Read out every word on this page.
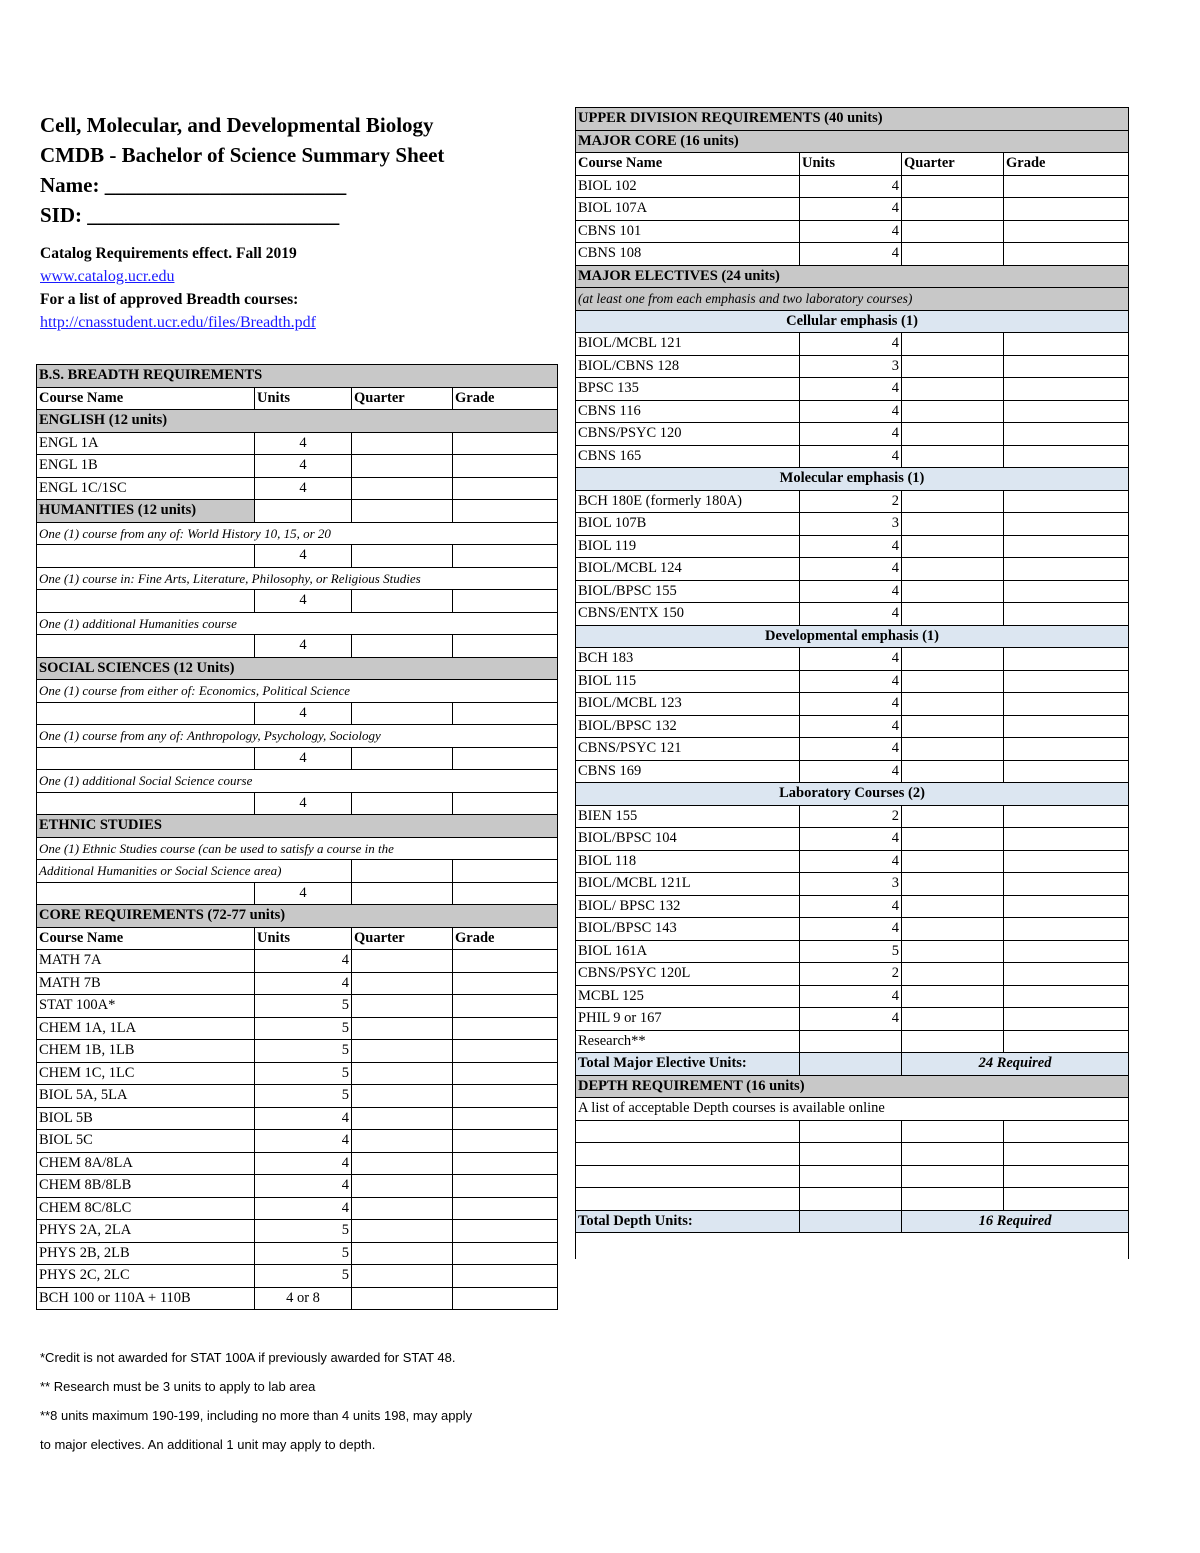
Cell, Molecular, and Developmental Biology
CMDB - Bachelor of Science Summary Sheet
Name: _______________________
SID: ________________________
Catalog Requirements effect. Fall 2019
www.catalog.ucr.edu
For a list of approved Breadth courses:
http://cnasstudent.ucr.edu/files/Breadth.pdf
B.S. BREADTH REQUIREMENTS			
Course Name	Units	Quarter	Grade
ENGLISH (12 units)			
ENGL 1A	4		
ENGL 1B	4		
ENGL 1C/1SC	4		
HUMANITIES (12 units)			
One (1) course from any of: World History 10, 15, or 20			
	4		
One (1) course in: Fine Arts, Literature, Philosophy, or Religious Studies			
	4		
One (1) additional Humanities course			
	4		
SOCIAL SCIENCES (12 Units)			
One (1) course from either of: Economics, Political Science			
	4		
One (1) course from any of: Anthropology, Psychology, Sociology			
	4		
One (1) additional Social Science course			
	4		
ETHNIC STUDIES			
One (1) Ethnic Studies course (can be used to satisfy a course in the			
Additional Humanities or Social Science area)			
	4		
CORE REQUIREMENTS (72-77 units)			
Course Name	Units	Quarter	Grade
MATH 7A	4		
MATH 7B	4		
STAT 100A*	5		
CHEM 1A, 1LA	5		
CHEM 1B, 1LB	5		
CHEM 1C, 1LC	5		
BIOL 5A, 5LA	5		
BIOL 5B	4		
BIOL 5C	4		
CHEM 8A/8LA	4		
CHEM 8B/8LB	4		
CHEM 8C/8LC	4		
PHYS 2A, 2LA	5		
PHYS 2B, 2LB	5		
PHYS 2C, 2LC	5		
BCH 100 or 110A + 110B	4 or 8		
UPPER DIVISION REQUIREMENTS (40 units)			
MAJOR CORE (16 units)			
Course Name	Units	Quarter	Grade
BIOL 102	4		
BIOL 107A	4		
CBNS 101	4		
CBNS 108	4		
MAJOR ELECTIVES (24 units)			
(at least one from each emphasis and two laboratory courses)			
Cellular emphasis (1)			
BIOL/MCBL 121	4		
BIOL/CBNS 128	3		
BPSC 135	4		
CBNS 116	4		
CBNS/PSYC 120	4		
CBNS 165	4		
Molecular emphasis (1)			
BCH 180E (formerly 180A)	2		
BIOL 107B	3		
BIOL 119	4		
BIOL/MCBL 124	4		
BIOL/BPSC 155	4		
CBNS/ENTX 150	4		
Developmental emphasis (1)			
BCH 183	4		
BIOL 115	4		
BIOL/MCBL 123	4		
BIOL/BPSC 132	4		
CBNS/PSYC 121	4		
CBNS 169	4		
Laboratory Courses (2)			
BIEN 155	2		
BIOL/BPSC 104	4		
BIOL 118	4		
BIOL/MCBL 121L	3		
BIOL/ BPSC 132	4		
BIOL/BPSC 143	4		
BIOL 161A	5		
CBNS/PSYC 120L	2		
MCBL 125	4		
PHIL 9 or 167	4		
Research**			
Total Major Elective Units:		24 Required	
DEPTH REQUIREMENT (16 units)			
A list of acceptable Depth courses is available online			

Total Depth Units:		16 Required	

*Credit is not awarded for STAT 100A if previously awarded for STAT 48.
** Research must be 3 units to apply to lab area
**8 units maximum 190-199, including no more than 4 units 198, may apply
to major electives. An additional 1 unit may apply to depth.
